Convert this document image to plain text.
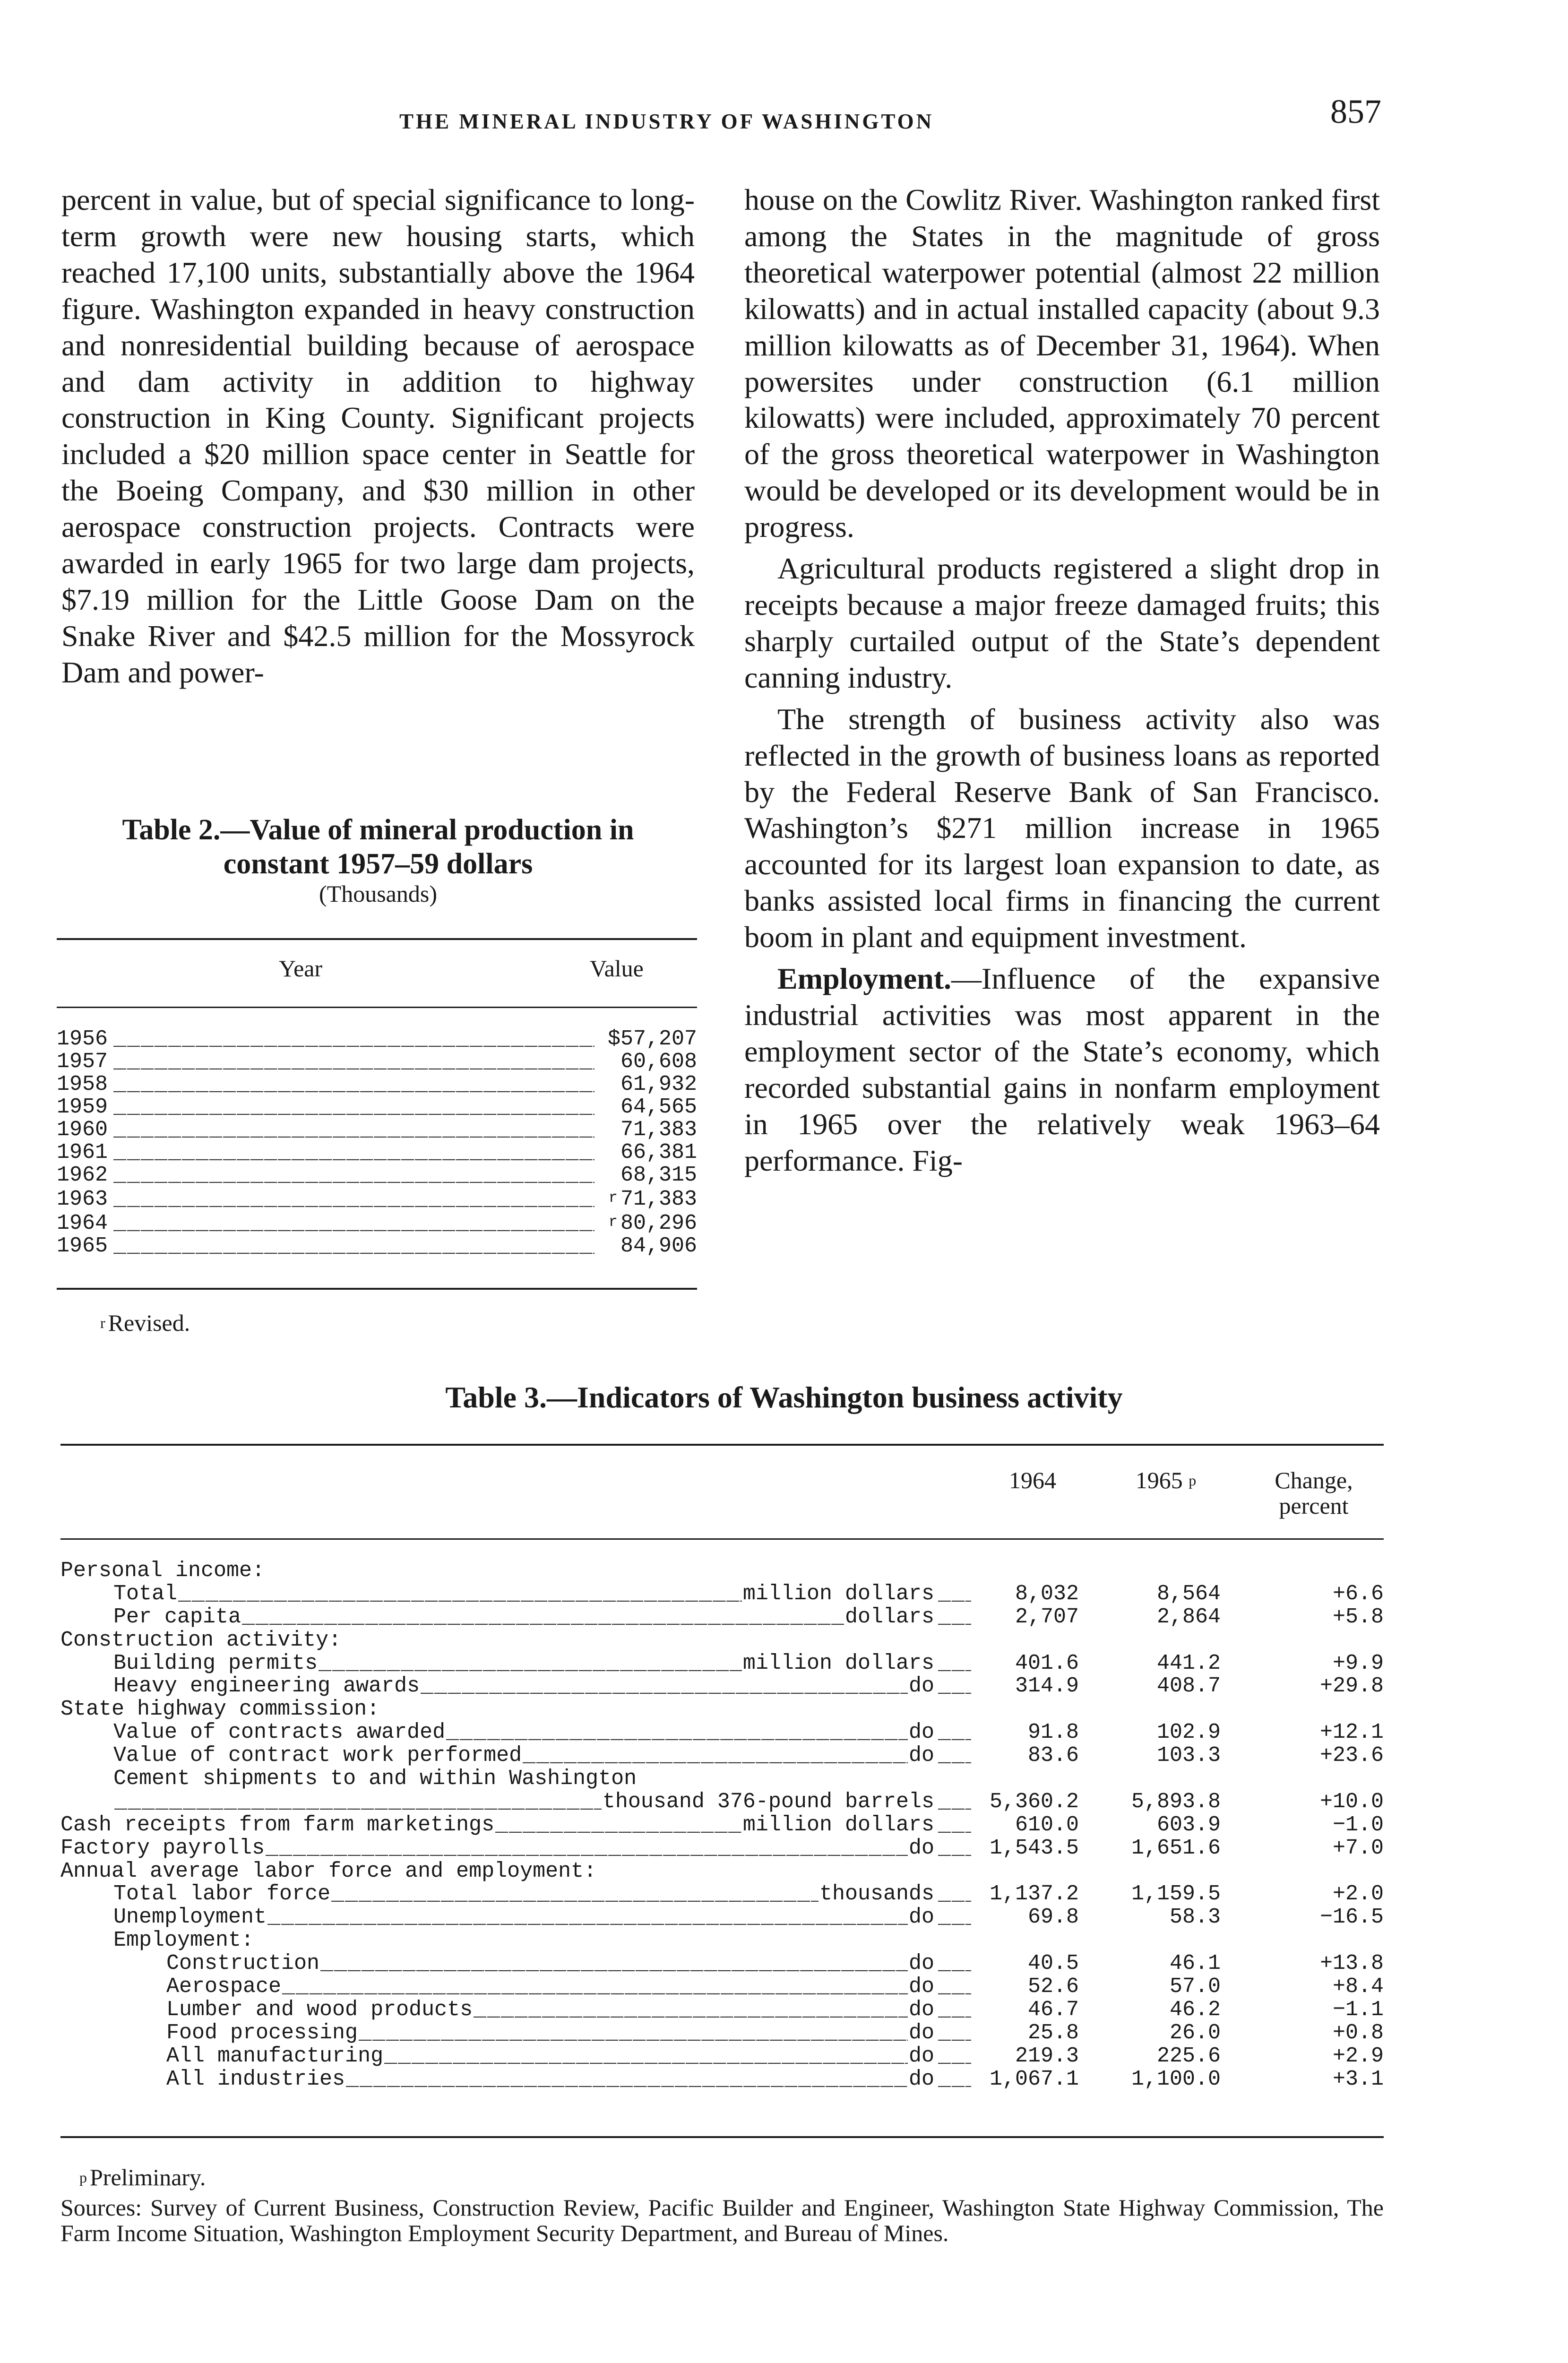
THE MINERAL INDUSTRY OF WASHINGTON	857

percent in value, but of special significance to long-term growth were new housing starts, which reached 17,100 units, substantially above the 1964 figure. Washington expanded in heavy construction and nonresidential building because of aerospace and dam activity in addition to highway construction in King County. Significant projects included a $20 million space center in Seattle for the Boeing Company, and $30 million in other aerospace construction projects. Contracts were awarded in early 1965 for two large dam projects, $7.19 million for the Little Goose Dam on the Snake River and $42.5 million for the Mossyrock Dam and power-

house on the Cowlitz River. Washington ranked first among the States in the magnitude of gross theoretical waterpower potential (almost 22 million kilowatts) and in actual installed capacity (about 9.3 million kilowatts as of December 31, 1964). When powersites under construction (6.1 million kilowatts) were included, approximately 70 percent of the gross theoretical waterpower in Washington would be developed or its development would be in progress.

Agricultural products registered a slight drop in receipts because a major freeze damaged fruits; this sharply curtailed output of the State’s dependent canning industry.

The strength of business activity also was reflected in the growth of business loans as reported by the Federal Reserve Bank of San Francisco. Washington’s $271 million increase in 1965 accounted for its largest loan expansion to date, as banks assisted local firms in financing the current boom in plant and equipment investment.

Employment.—Influence of the expansive industrial activities was most apparent in the employment sector of the State’s economy, which recorded substantial gains in nonfarm employment in 1965 over the relatively weak 1963–64 performance. Fig-

Table 2.—Value of mineral production in
constant 1957–59 dollars
(Thousands)
Year	Value
1956 _____	$57,207
1957 _____	60,608
1958 _____	61,932
1959 _____	64,565
1960 _____	71,383
1961 _____	66,381
1962 _____	68,315
1963 _____	r 71,383
1964 _____	r 80,296
1965 _____	84,906
r Revised.
Table 3.—Indicators of Washington business activity
1964	1965 p	Change,
percent
Personal income:
Total _____	million dollars _____	8,032	8,564	+6.6
Per capita _____	dollars _____	2,707	2,864	+5.8
Construction activity:
Building permits _____	million dollars _____	401.6	441.2	+9.9
Heavy engineering awards _____	do _____	314.9	408.7	+29.8
State highway commission:
Value of contracts awarded _____	do _____	91.8	102.9	+12.1
Value of contract work performed _____	do _____	83.6	103.3	+23.6
Cement shipments to and within Washington
_____
thousand 376-pound barrels _____	5,360.2	5,893.8	+10.0
Cash receipts from farm marketings _____	million dollars _____	610.0	603.9	−1.0
Factory payrolls _____	do _____	1,543.5	1,651.6	+7.0
Annual average labor force and employment:
Total labor force _____	thousands _____	1,137.2	1,159.5	+2.0
Unemployment _____	do _____	69.8	58.3	−16.5
Employment:
Construction _____	do _____	40.5	46.1	+13.8
Aerospace _____	do _____	52.6	57.0	+8.4
Lumber and wood products _____	do _____	46.7	46.2	−1.1
Food processing _____	do _____	25.8	26.0	+0.8
All manufacturing _____	do _____	219.3	225.6	+2.9
All industries _____	do _____	1,067.1	1,100.0	+3.1

p Preliminary.

Sources: Survey of Current Business, Construction Review, Pacific Builder and Engineer, Washington State Highway Commission, The Farm Income Situation, Washington Employment Security Department, and Bureau of Mines.
